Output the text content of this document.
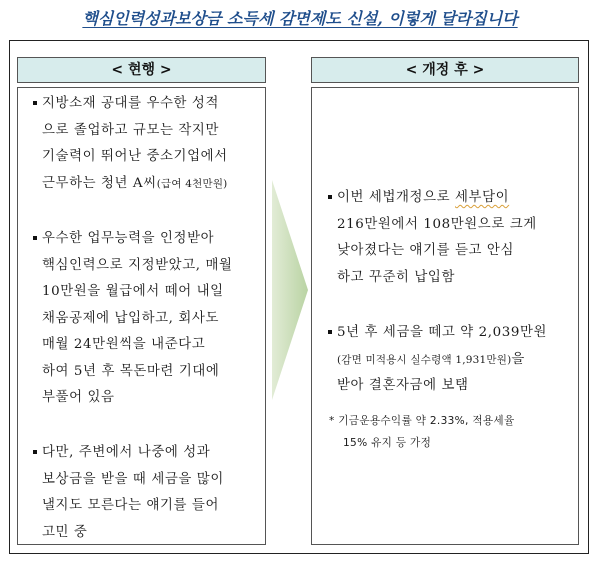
핵심인력성과보상금 소득세 감면제도 신설, 이렇게 달라집니다
< 현행 >
지방소재 공대를 우수한 성적
으로 졸업하고 규모는 작지만
기술력이 뛰어난 중소기업에서
근무하는 청년 A씨(급여 4천만원)
우수한 업무능력을 인정받아
핵심인력으로 지정받았고, 매월
10만원을 월급에서 떼어 내일
채움공제에 납입하고, 회사도
매월 24만원씩을 내준다고
하여 5년 후 목돈마련 기대에
부풀어 있음
다만, 주변에서 나중에 성과
보상금을 받을 때 세금을 많이
낼지도 모른다는 얘기를 들어
고민 중
< 개정 후 >
이번 세법개정으로 세부담이
216만원에서 108만원으로 크게
낮아졌다는 얘기를 듣고 안심
하고 꾸준히 납입함
5년 후 세금을 떼고 약 2,039만원
(감면 미적용시 실수령액 1,931만원)을
받아 결혼자금에 보탬
* 기금운용수익률 약 2.33%, 적용세율
15% 유지 등 가정
